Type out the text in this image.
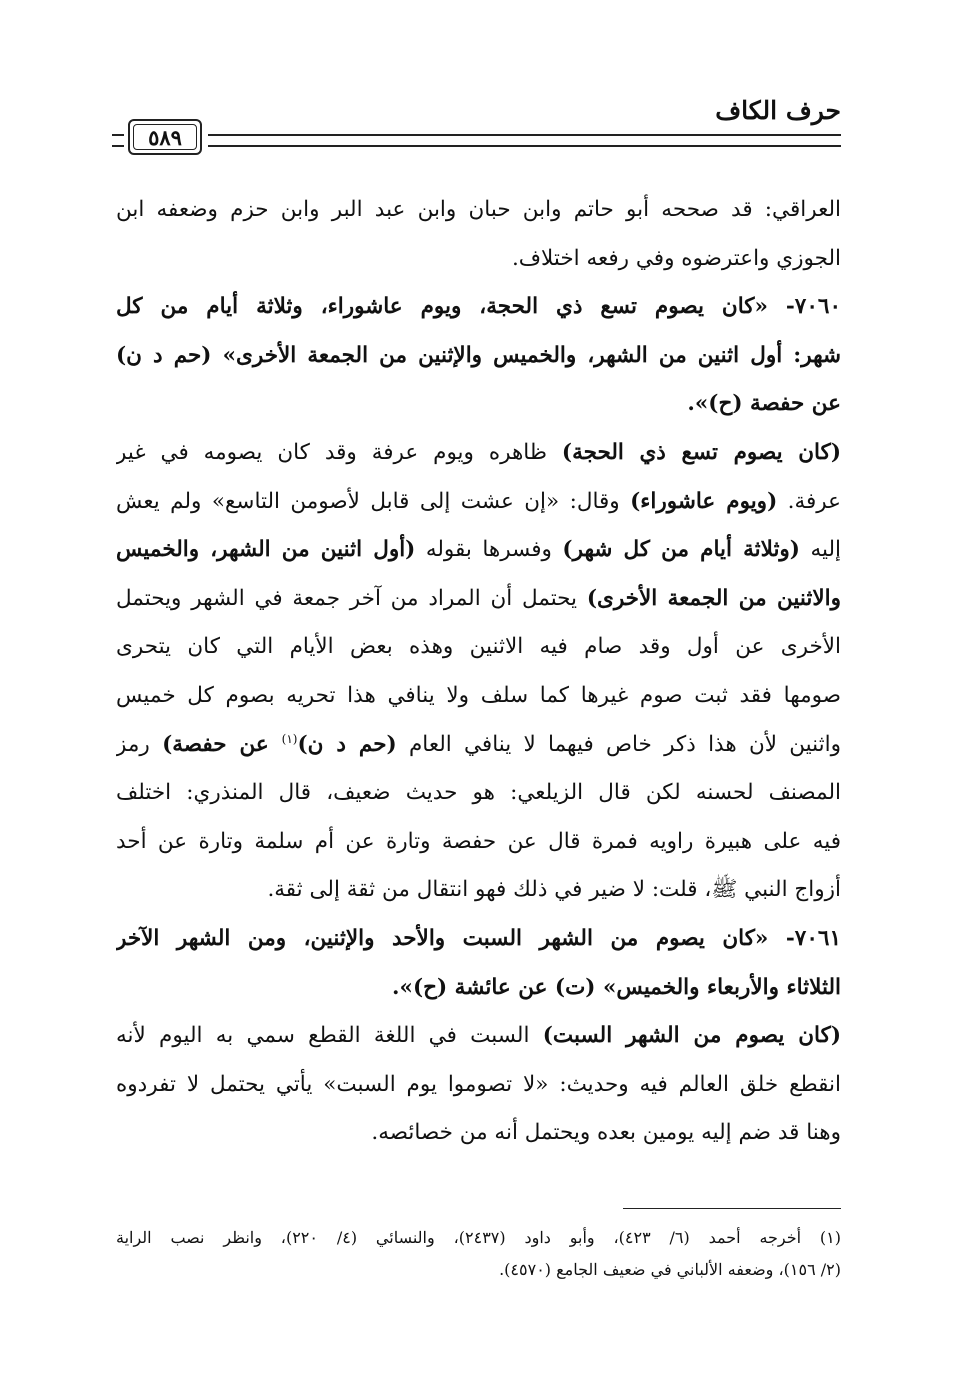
حرف الكاف
٥٨٩
العراقي: قد صححه أبو حاتم وابن حبان وابن عبد البر وابن حزم وضعفه ابن
الجوزي واعترضوه وفي رفعه اختلاف.
٧٠٦٠- «كان يصوم تسع ذي الحجة، ويوم عاشوراء، وثلاثة أيام من كل
شهر: أول اثنين من الشهر، والخميس والإثنين من الجمعة الأخرى» (حم د ن)
عن حفصة (ح)».
(كان يصوم تسع ذي الحجة) ظاهره ويوم عرفة وقد كان يصومه في غير
عرفة. (ويوم عاشوراء) وقال: «إن عشت إلى قابل لأصومن التاسع» ولم يعش
إليه (وثلاثة أيام من كل شهر) وفسرها بقوله (أول اثنين من الشهر، والخميس
والاثنين من الجمعة الأخرى) يحتمل أن المراد من آخر جمعة في الشهر ويحتمل
الأخرى عن أول وقد صام فيه الاثنين وهذه بعض الأيام التي كان يتحرى
صومها فقد ثبت صوم غيرها كما سلف ولا ينافي هذا تحريه بصوم كل خميس
واثنين لأن هذا ذكر خاص فيهما لا ينافي العام (حم د ن)$^{(١)}$ عن حفصة) رمز
المصنف لحسنه لكن قال الزيلعي: هو حديث ضعيف، قال المنذري: اختلف
فيه على هبيرة راويه فمرة قال عن حفصة وتارة عن أم سلمة وتارة عن أحد
أزواج النبي ﷺ، قلت: لا ضير في ذلك فهو انتقال من ثقة إلى ثقة.
٧٠٦١- «كان يصوم من الشهر السبت والأحد والإثنين، ومن الشهر الآخر
الثلاثاء والأربعاء والخميس» (ت) عن عائشة (ح)».
(كان يصوم من الشهر السبت) السبت في اللغة القطع سمي به اليوم لأنه
انقطع خلق العالم فيه وحديث: «لا تصوموا يوم السبت» يأتي يحتمل لا تفردوه
وهنا قد ضم إليه يومين بعده ويحتمل أنه من خصائصه.
(١) أخرجه أحمد (٦/ ٤٢٣)، وأبو داود (٢٤٣٧)، والنسائي (٤/ ٢٢٠)، وانظر نصب الراية
(٢/ ١٥٦)، وضعفه الألباني في ضعيف الجامع (٤٥٧٠).
